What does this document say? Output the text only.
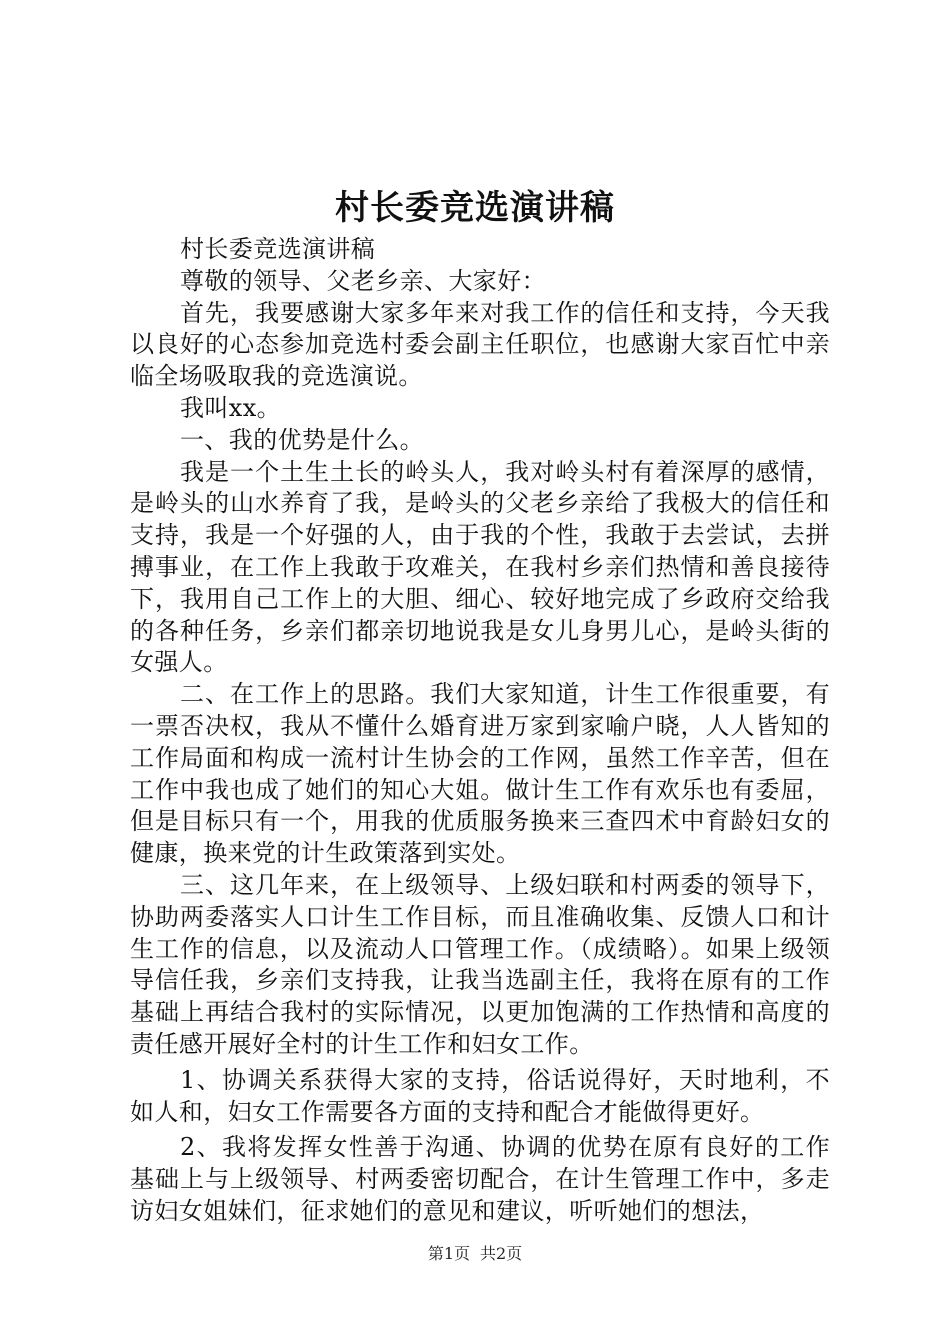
村长委竞选演讲稿

村长委竞选演讲稿

尊敬的领导、父老乡亲、大家好：

首先，我要感谢大家多年来对我工作的信任和支持，今天我以良好的心态参加竞选村委会副主任职位，也感谢大家百忙中亲临全场吸取我的竞选演说。

我叫xx。

一、我的优势是什么。

我是一个土生土长的岭头人，我对岭头村有着深厚的感情，是岭头的山水养育了我，是岭头的父老乡亲给了我极大的信任和支持，我是一个好强的人，由于我的个性，我敢于去尝试，去拼搏事业，在工作上我敢于攻难关，在我村乡亲们热情和善良接待下，我用自己工作上的大胆、细心、较好地完成了乡政府交给我的各种任务，乡亲们都亲切地说我是女儿身男儿心，是岭头街的女强人。

二、在工作上的思路。我们大家知道，计生工作很重要，有一票否决权，我从不懂什么婚育进万家到家喻户晓，人人皆知的工作局面和构成一流村计生协会的工作网，虽然工作辛苦，但在工作中我也成了她们的知心大姐。做计生工作有欢乐也有委屈，但是目标只有一个，用我的优质服务换来三查四术中育龄妇女的健康，换来党的计生政策落到实处。

三、这几年来，在上级领导、上级妇联和村两委的领导下，协助两委落实人口计生工作目标，而且准确收集、反馈人口和计生工作的信息，以及流动人口管理工作。（成绩略）。如果上级领导信任我，乡亲们支持我，让我当选副主任，我将在原有的工作基础上再结合我村的实际情况，以更加饱满的工作热情和高度的责任感开展好全村的计生工作和妇女工作。

1、协调关系获得大家的支持，俗话说得好，天时地利，不如人和，妇女工作需要各方面的支持和配合才能做得更好。

2、我将发挥女性善于沟通、协调的优势在原有良好的工作基础上与上级领导、村两委密切配合，在计生管理工作中，多走访妇女姐妹们，征求她们的意见和建议，听听她们的想法，

第1页 共2页
